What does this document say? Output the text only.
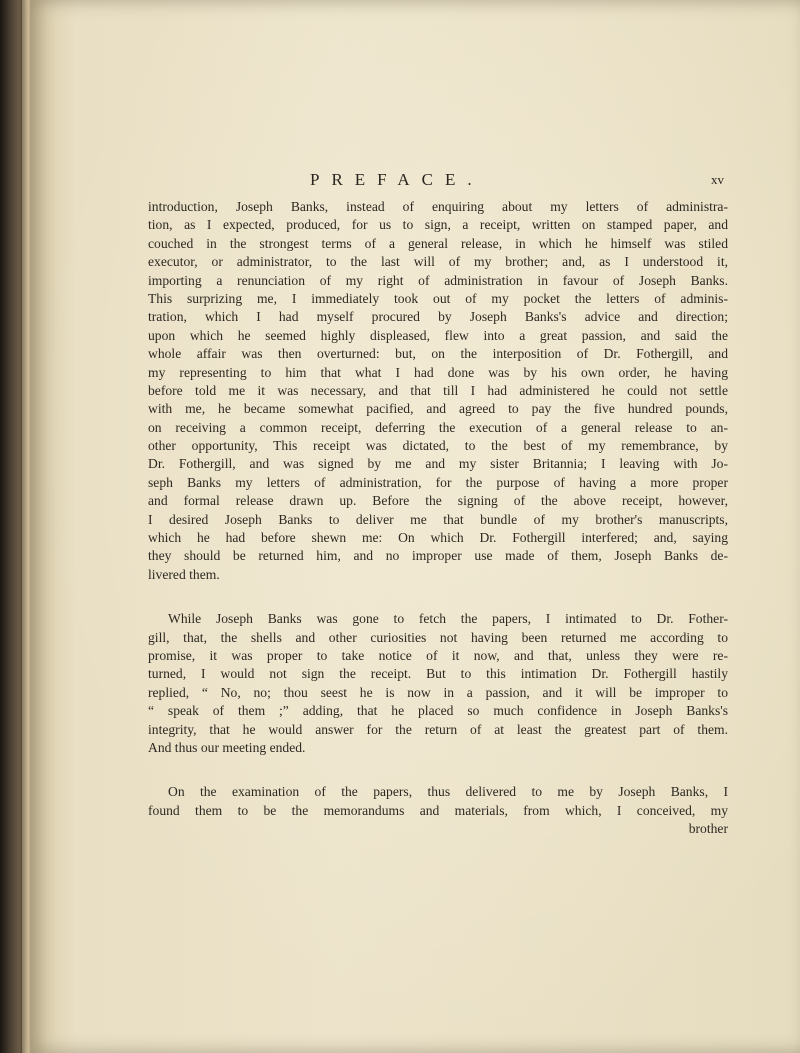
PREFACE.	xv
introduction, Joseph Banks, instead of enquiring about my letters of administra-
tion, as I expected, produced, for us to sign, a receipt, written on stamped paper, and
couched in the strongest terms of a general release, in which he himself was stiled
executor, or administrator, to the last will of my brother; and, as I understood it,
importing a renunciation of my right of administration in favour of Joseph Banks.
This surprizing me, I immediately took out of my pocket the letters of adminis-
tration, which I had myself procured by Joseph Banks's advice and direction;
upon which he seemed highly displeased, flew into a great passion, and said the
whole affair was then overturned: but, on the interposition of Dr. Fothergill, and
my representing to him that what I had done was by his own order, he having
before told me it was necessary, and that till I had administered he could not settle
with me, he became somewhat pacified, and agreed to pay the five hundred pounds,
on receiving a common receipt, deferring the execution of a general release to an-
other opportunity, This receipt was dictated, to the best of my remembrance, by
Dr. Fothergill, and was signed by me and my sister Britannia; I leaving with Jo-
seph Banks my letters of administration, for the purpose of having a more proper
and formal release drawn up. Before the signing of the above receipt, however,
I desired Joseph Banks to deliver me that bundle of my brother's manuscripts,
which he had before shewn me: On which Dr. Fothergill interfered; and, saying
they should be returned him, and no improper use made of them, Joseph Banks de-
livered them.
While Joseph Banks was gone to fetch the papers, I intimated to Dr. Fother-
gill, that, the shells and other curiosities not having been returned me according to
promise, it was proper to take notice of it now, and that, unless they were re-
turned, I would not sign the receipt. But to this intimation Dr. Fothergill hastily
replied, “ No, no; thou seest he is now in a passion, and it will be improper to
“ speak of them ;” adding, that he placed so much confidence in Joseph Banks's
integrity, that he would answer for the return of at least the greatest part of them.
And thus our meeting ended.
On the examination of the papers, thus delivered to me by Joseph Banks, I
found them to be the memorandums and materials, from which, I conceived, my
brother
